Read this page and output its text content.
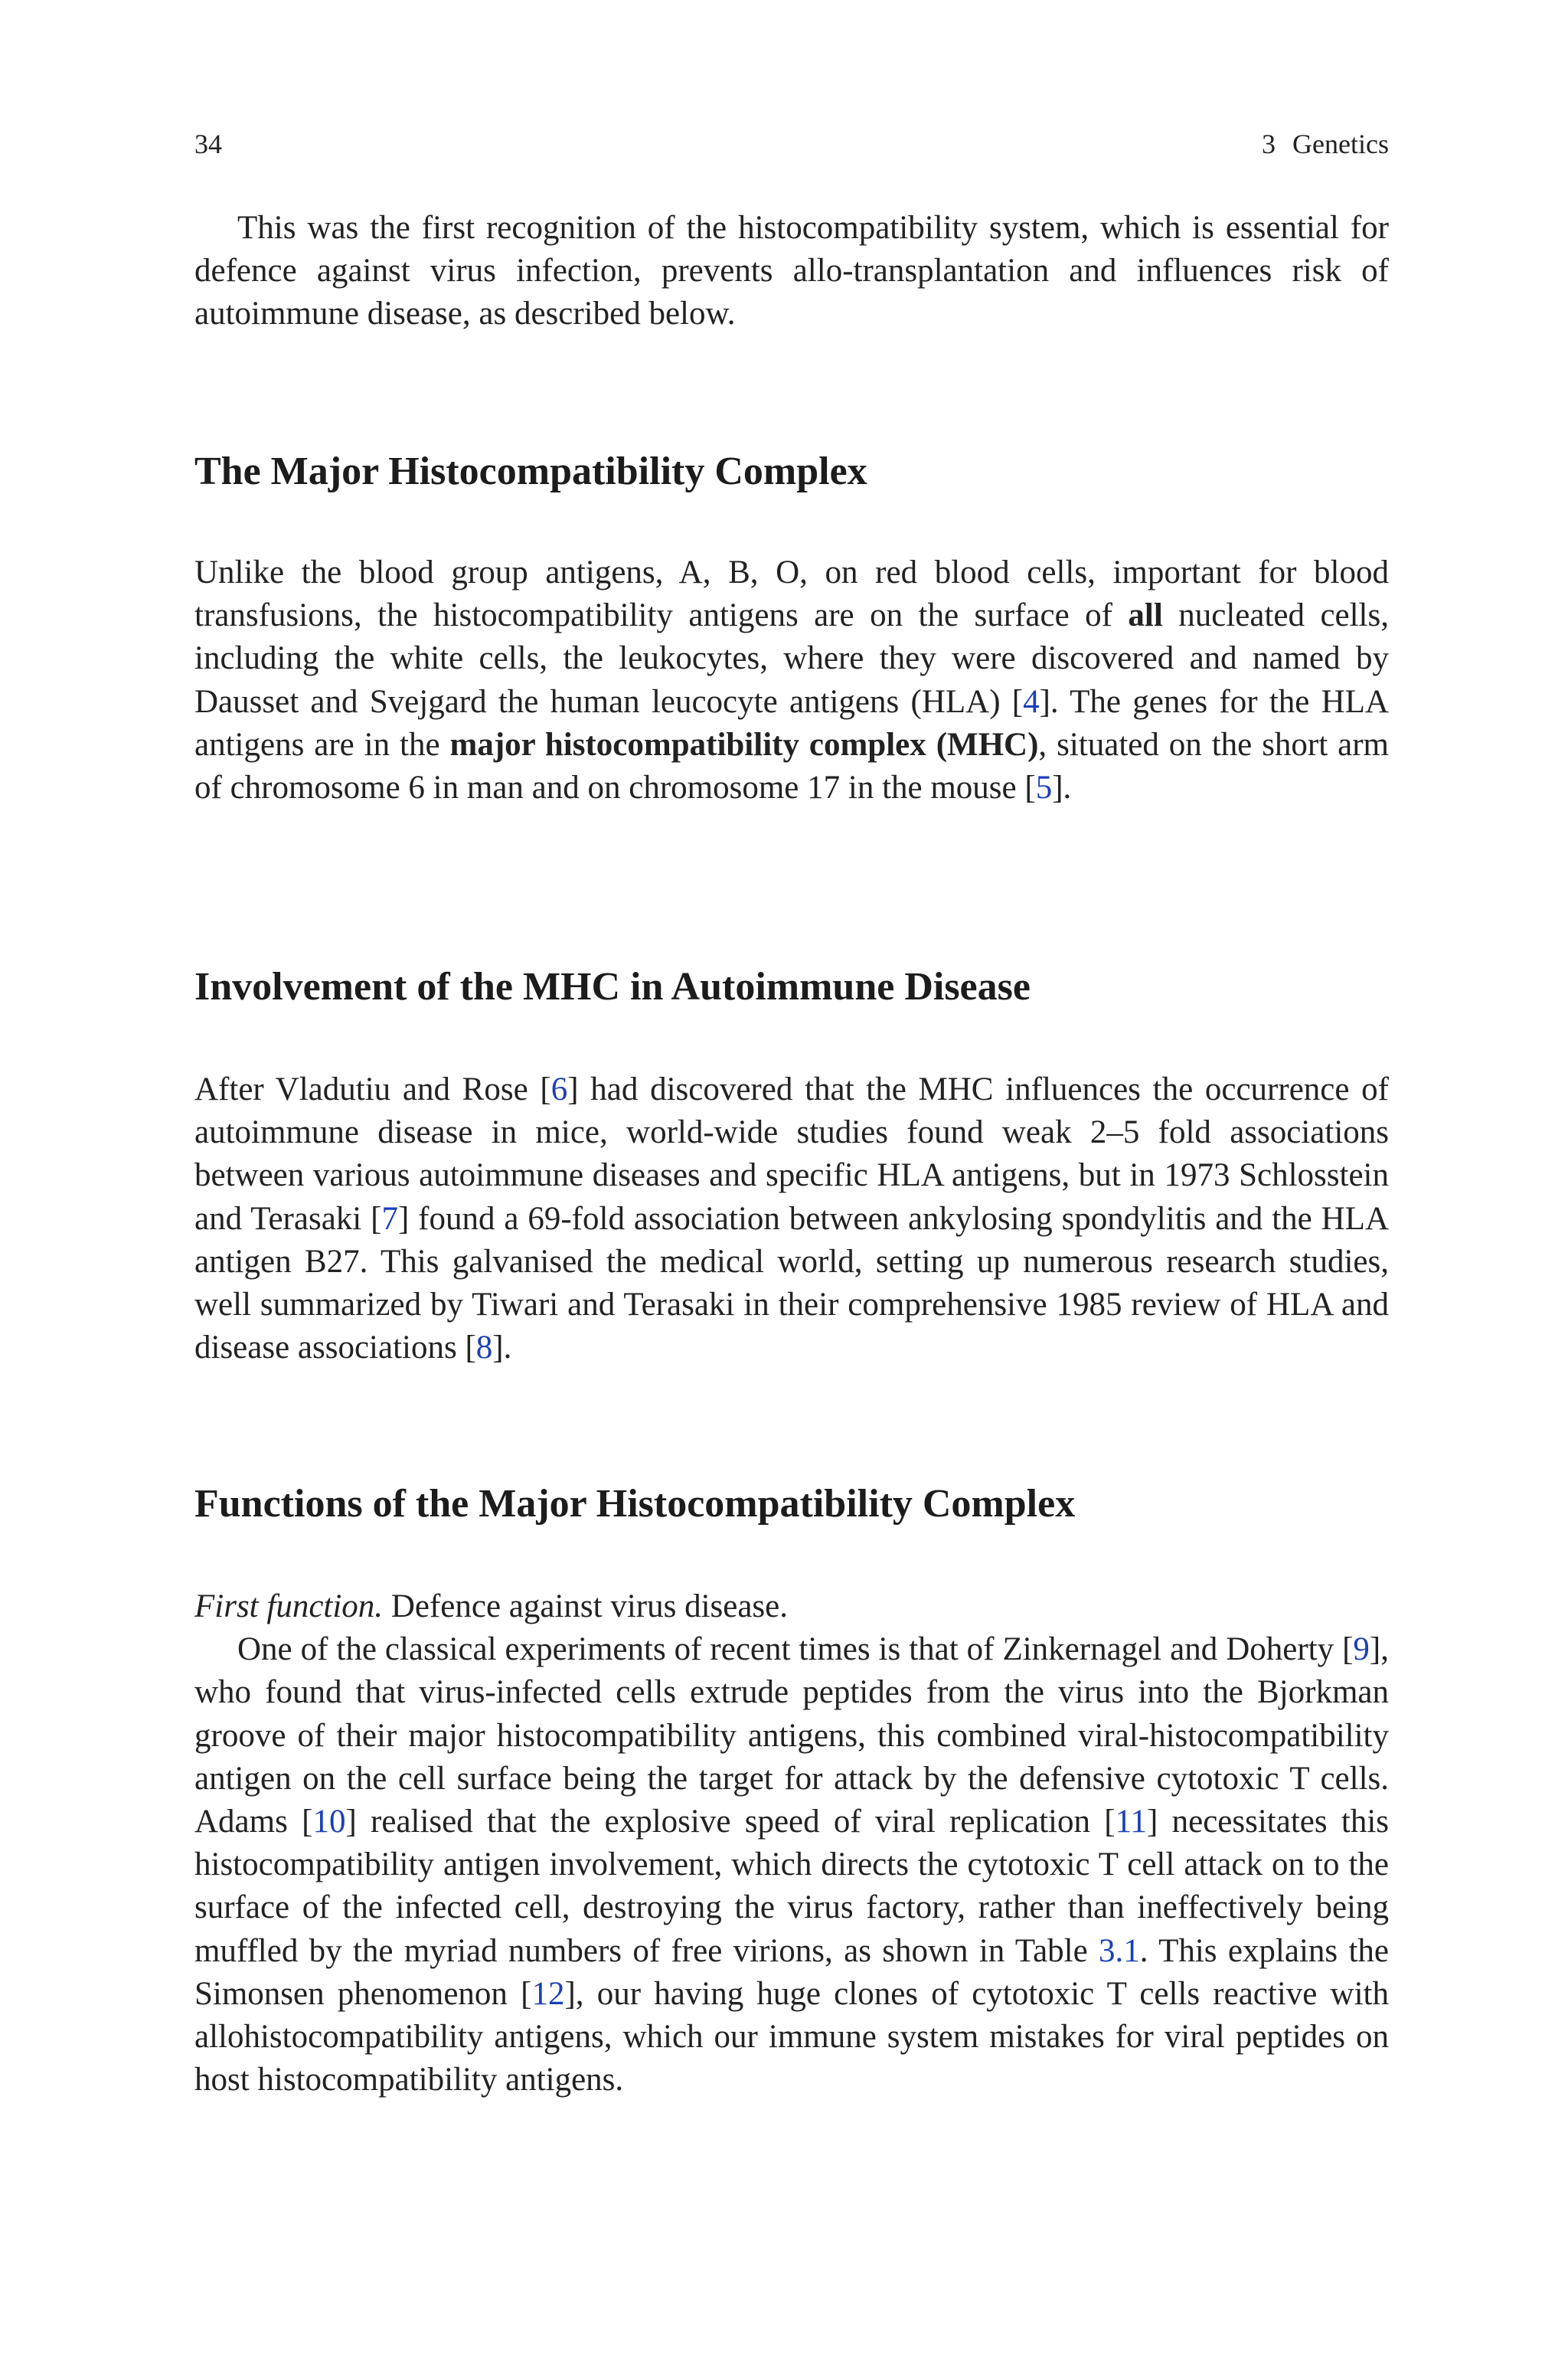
34	3 Genetics

This was the first recognition of the histocompatibility system, which is essential for defence against virus infection, prevents allo-transplantation and influences risk of autoimmune disease, as described below.

The Major Histocompatibility Complex

Unlike the blood group antigens, A, B, O, on red blood cells, important for blood transfusions, the histocompatibility antigens are on the surface of all nucleated cells, including the white cells, the leukocytes, where they were discovered and named by Dausset and Svejgard the human leucocyte antigens (HLA) [4]. The genes for the HLA antigens are in the major histocompatibility complex (MHC), situated on the short arm of chromosome 6 in man and on chromosome 17 in the mouse [5].

Involvement of the MHC in Autoimmune Disease

After Vladutiu and Rose [6] had discovered that the MHC influences the occurrence of autoimmune disease in mice, world-wide studies found weak 2–5 fold associations between various autoimmune diseases and specific HLA antigens, but in 1973 Schlosstein and Terasaki [7] found a 69-fold association between ankylosing spondylitis and the HLA antigen B27. This galvanised the medical world, setting up numerous research studies, well summarized by Tiwari and Terasaki in their comprehensive 1985 review of HLA and disease associations [8].

Functions of the Major Histocompatibility Complex

First function. Defence against virus disease.

One of the classical experiments of recent times is that of Zinkernagel and Doherty [9], who found that virus-infected cells extrude peptides from the virus into the Bjorkman groove of their major histocompatibility antigens, this combined viral-histocompatibility antigen on the cell surface being the target for attack by the defensive cytotoxic T cells. Adams [10] realised that the explosive speed of viral replication [11] necessitates this histocompatibility antigen involvement, which directs the cytotoxic T cell attack on to the surface of the infected cell, destroying the virus factory, rather than ineffectively being muffled by the myriad numbers of free virions, as shown in Table 3.1. This explains the Simonsen phenomenon [12], our having huge clones of cytotoxic T cells reactive with allohistocompatibility antigens, which our immune system mistakes for viral peptides on host histocompatibility antigens.
